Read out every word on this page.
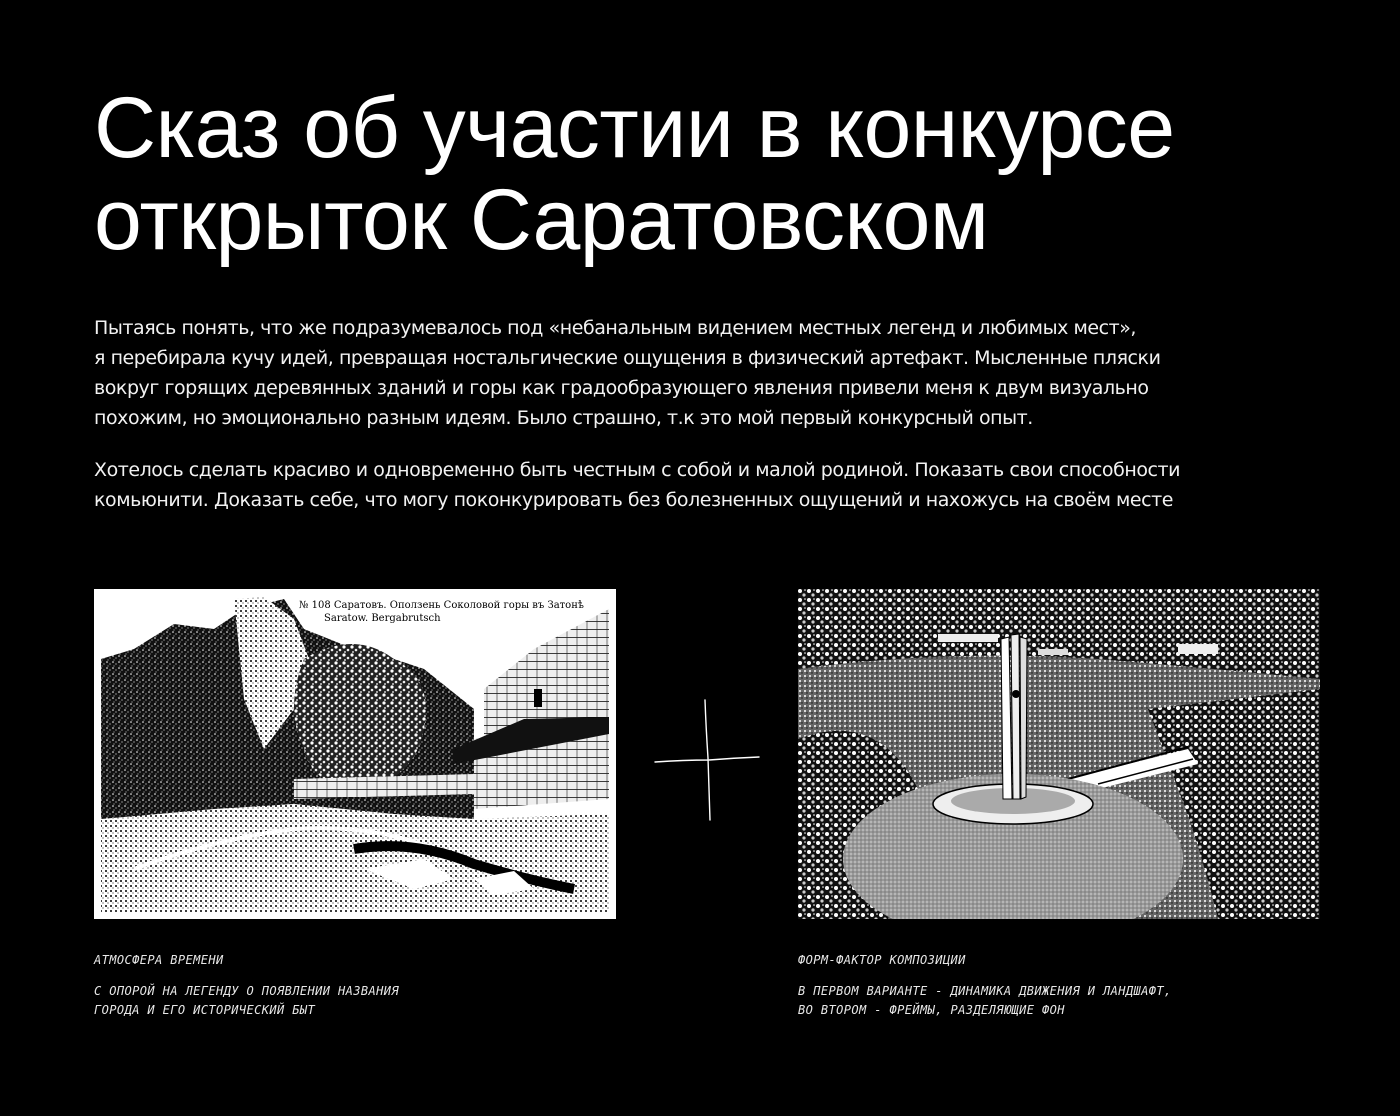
Сказ об участии в конкурсе
открыток Саратовском

Пытаясь понять, что же подразумевалось под «небанальным видением местных легенд и любимых мест»,
я перебирала кучу идей, превращая ностальгические ощущения в физический артефакт. Мысленные пляски
вокруг горящих деревянных зданий и горы как градообразующего явления привели меня к двум визуально
похожим, но эмоционально разным идеям. Было страшно, т.к это мой первый конкурсный опыт.

Хотелось сделать красиво и одновременно быть честным с собой и малой родиной. Показать свои способности
комьюнити. Доказать себе, что могу поконкурировать без болезненных ощущений и нахожусь на своём месте

№ 108 Саратовъ. Оползень Соколовой горы въ Затонѣ
Saratow. Bergabrutsch

АТМОСФЕРА ВРЕМЕНИ

С ОПОРОЙ НА ЛЕГЕНДУ О ПОЯВЛЕНИИ НАЗВАНИЯ
ГОРОДА И ЕГО ИСТОРИЧЕСКИЙ БЫТ

ФОРМ-ФАКТОР КОМПОЗИЦИИ

В ПЕРВОМ ВАРИАНТЕ - ДИНАМИКА ДВИЖЕНИЯ И ЛАНДШАФТ,
ВО ВТОРОМ - ФРЕЙМЫ, РАЗДЕЛЯЮЩИЕ ФОН
